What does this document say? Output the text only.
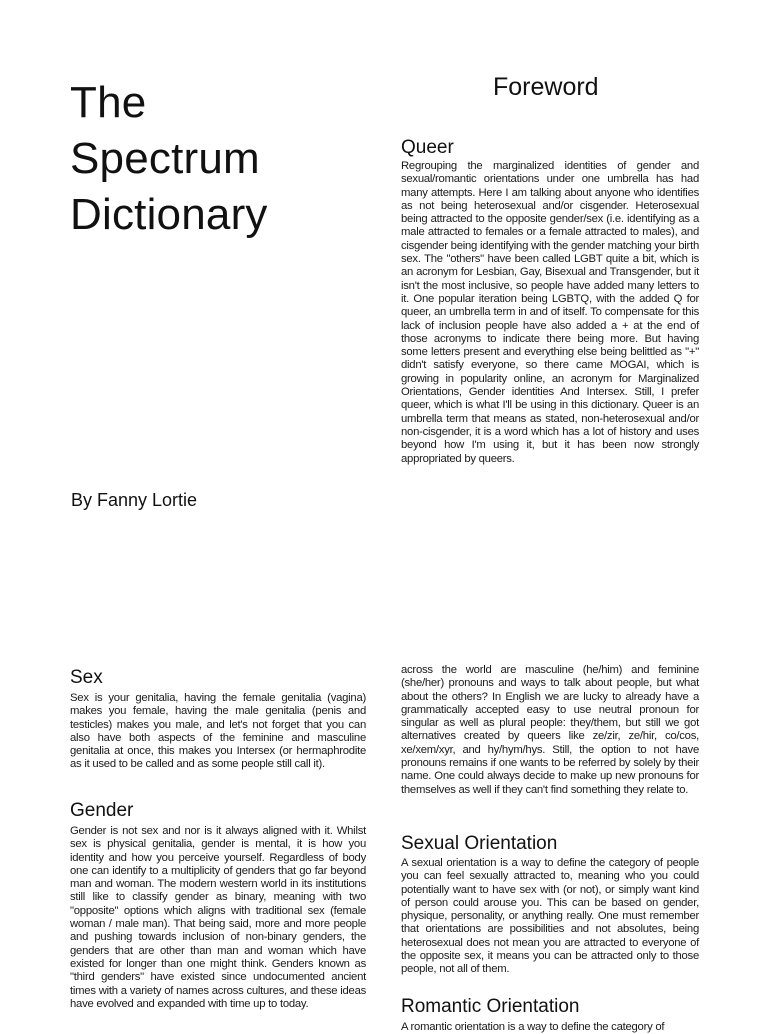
The

Spectrum

Dictionary

By Fanny Lortie
Foreword
Queer

Regrouping the marginalized identities of gender and sexual/romantic orientations under one umbrella has had many attempts. Here I am talking about anyone who identifies as not being heterosexual and/or cisgender. Heterosexual being attracted to the opposite gender/sex (i.e. identifying as a male attracted to females or a female attracted to males), and cisgender being identifying with the gender matching your birth sex. The "others" have been called LGBT quite a bit, which is an acronym for Lesbian, Gay, Bisexual and Transgender, but it isn't the most inclusive, so people have added many letters to it. One popular iteration being LGBTQ, with the added Q for queer, an umbrella term in and of itself. To compensate for this lack of inclusion people have also added a + at the end of those acronyms to indicate there being more. But having some letters present and everything else being belittled as "+" didn't satisfy everyone, so there came MOGAI, which is growing in popularity online, an acronym for Marginalized Orientations, Gender identities And Intersex. Still, I prefer queer, which is what I'll be using in this dictionary. Queer is an umbrella term that means as stated, non-heterosexual and/or non-cisgender, it is a word which has a lot of history and uses beyond how I'm using it, but it has been now strongly appropriated by queers.

Sex

Sex is your genitalia, having the female genitalia (vagina) makes you female, having the male genitalia (penis and testicles) makes you male, and let's not forget that you can also have both aspects of the feminine and masculine genitalia at once, this makes you Intersex (or hermaphrodite as it used to be called and as some people still call it).

Gender

Gender is not sex and nor is it always aligned with it. Whilst sex is physical genitalia, gender is mental, it is how you identity and how you perceive yourself. Regardless of body one can identify to a multiplicity of genders that go far beyond man and woman. The modern western world in its institutions still like to classify gender as binary, meaning with two "opposite" options which aligns with traditional sex (female woman / male man). That being said, more and more people and pushing towards inclusion of non-binary genders, the genders that are other than man and woman which have existed for longer than one might think. Genders known as "third genders" have existed since undocumented ancient times with a variety of names across cultures, and these ideas have evolved and expanded with time up to today.

across the world are masculine (he/him) and feminine (she/her) pronouns and ways to talk about people, but what about the others? In English we are lucky to already have a grammatically accepted easy to use neutral pronoun for singular as well as plural people: they/them, but still we got alternatives created by queers like ze/zir, ze/hir, co/cos, xe/xem/xyr, and hy/hym/hys. Still, the option to not have pronouns remains if one wants to be referred by solely by their name. One could always decide to make up new pronouns for themselves as well if they can't find something they relate to.

Sexual Orientation

A sexual orientation is a way to define the category of people you can feel sexually attracted to, meaning who you could potentially want to have sex with (or not), or simply want kind of person could arouse you. This can be based on gender, physique, personality, or anything really. One must remember that orientations are possibilities and not absolutes, being heterosexual does not mean you are attracted to everyone of the opposite sex, it means you can be attracted only to those people, not all of them.

Romantic Orientation

A romantic orientation is a way to define the category of
